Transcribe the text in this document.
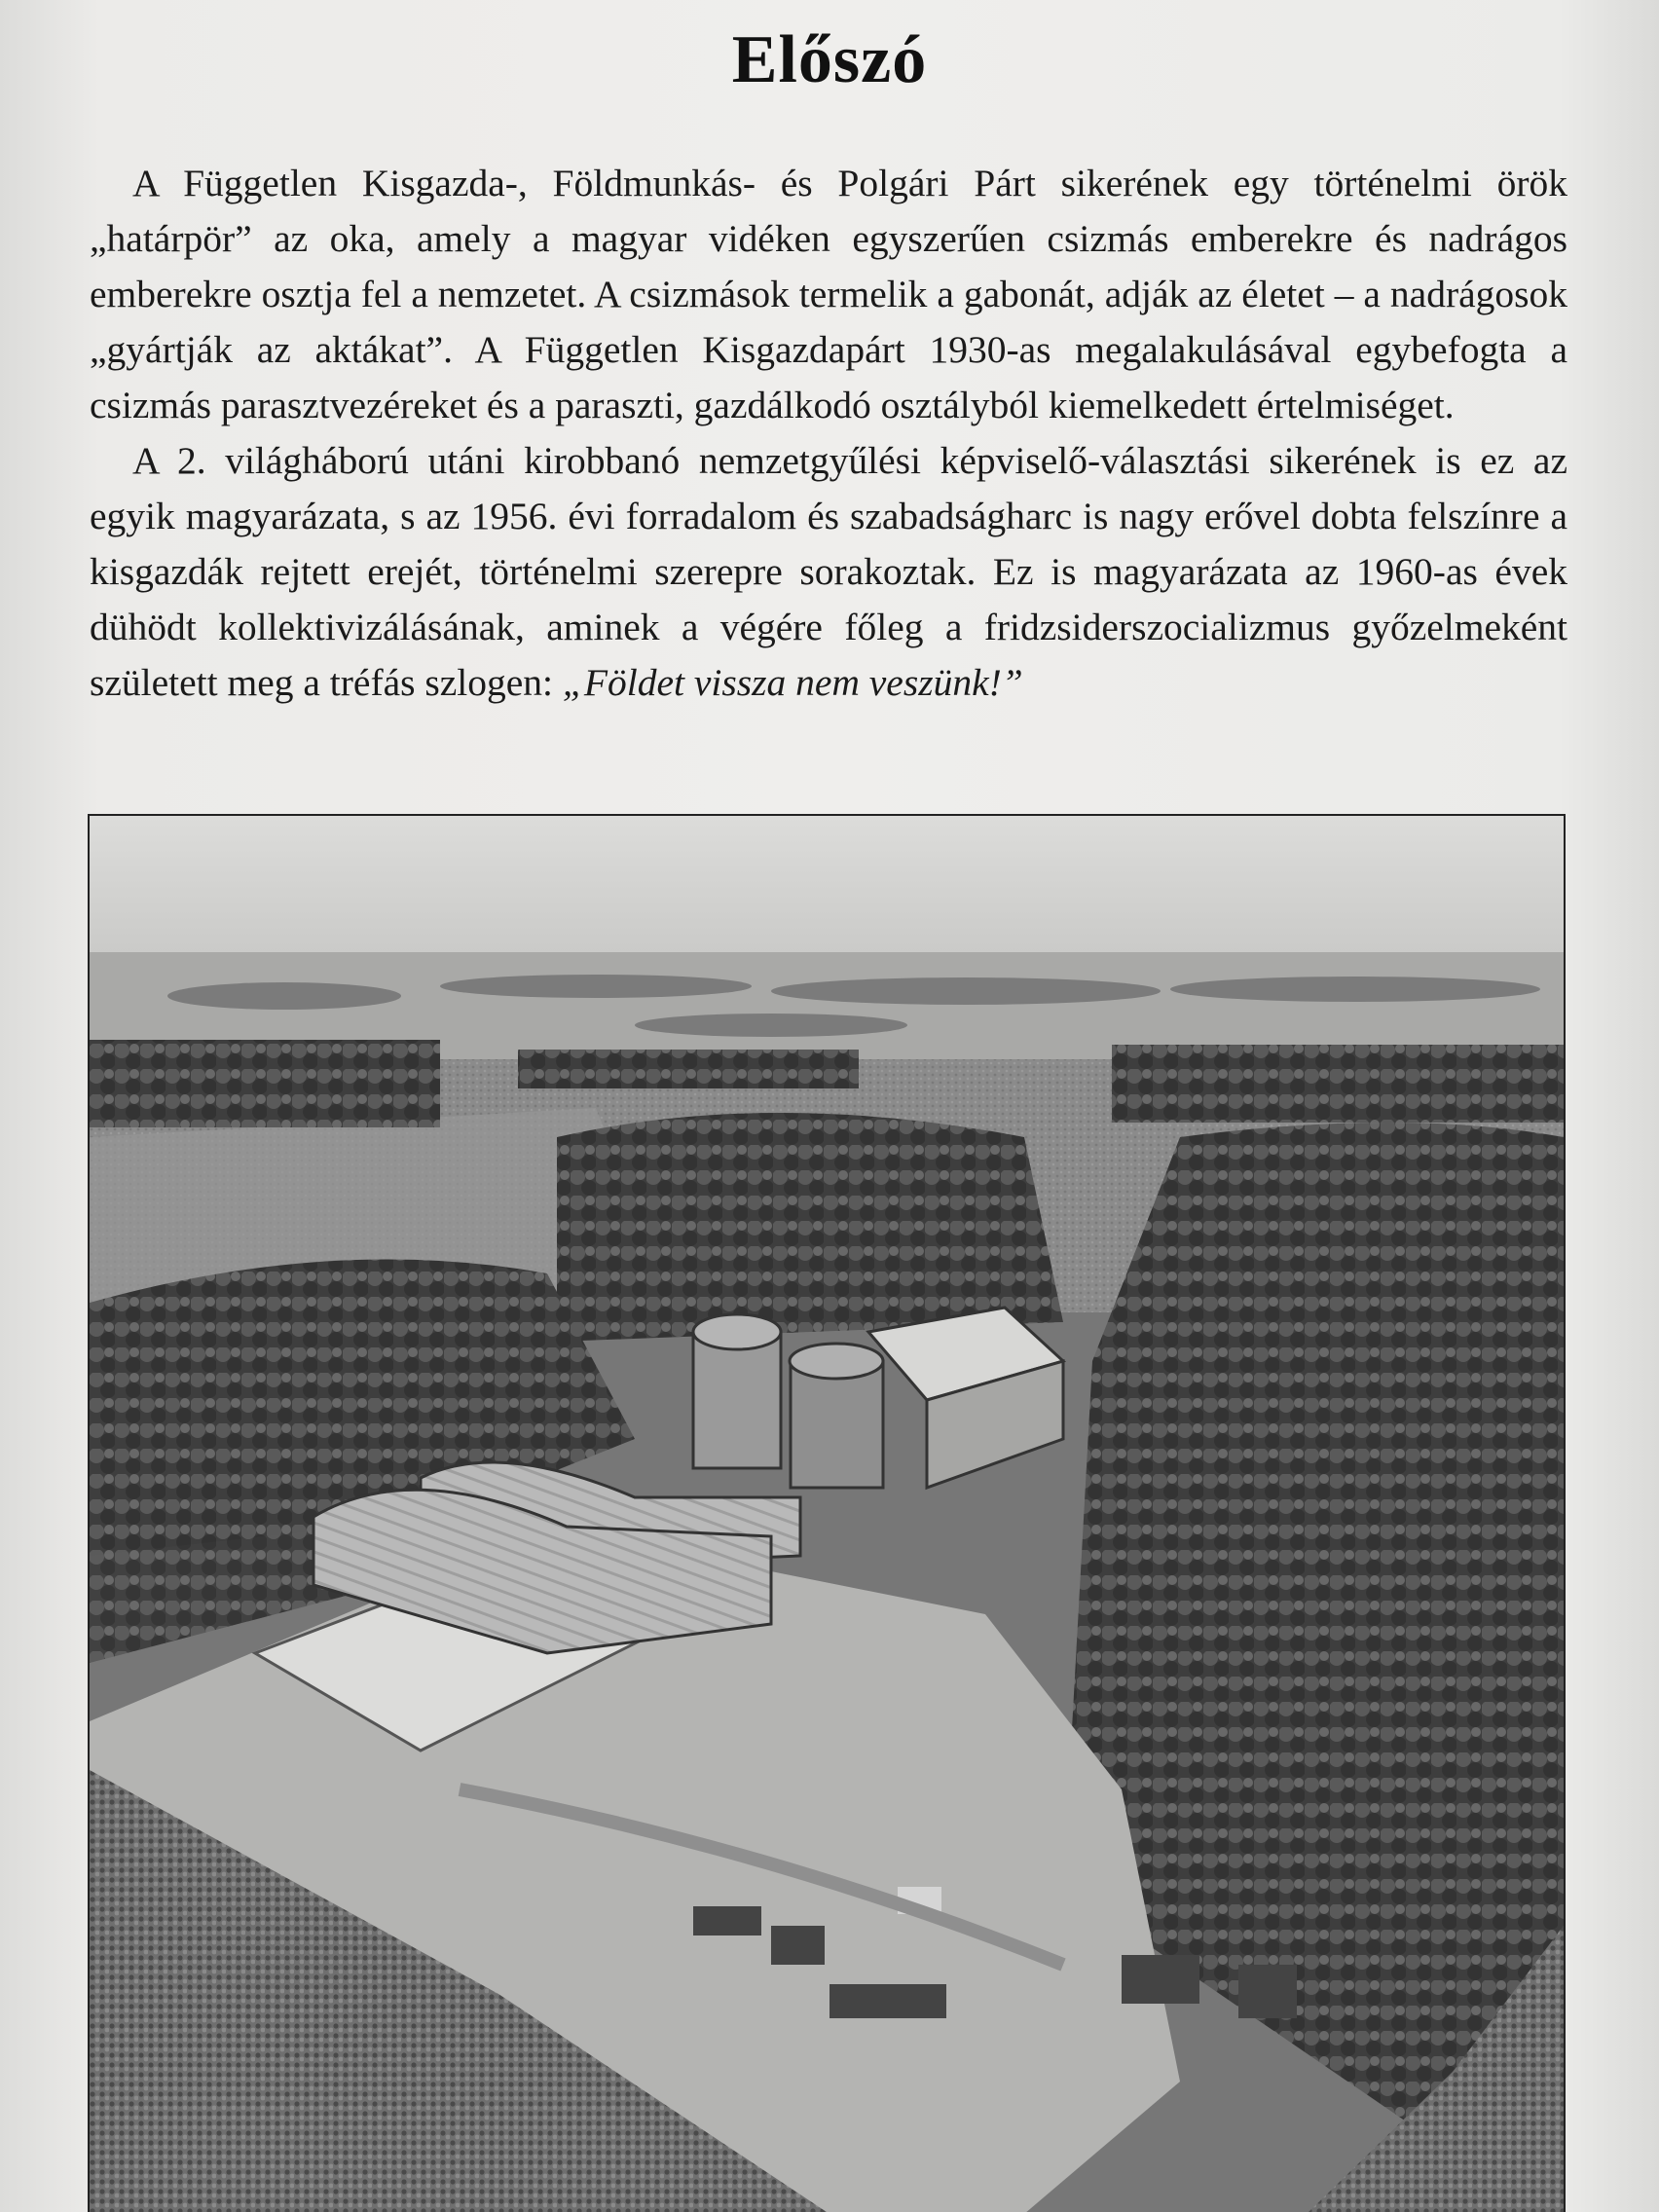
Előszó

A Független Kisgazda-, Földmunkás- és Polgári Párt sikerének egy történelmi örök „határpör” az oka, amely a magyar vidéken egyszerűen csizmás emberekre és nadrágos emberekre osztja fel a nemzetet. A csizmások termelik a gabonát, adják az életet – a nadrágosok „gyártják az aktákat”. A Független Kisgazdapárt 1930-as megalakulásával egybefogta a csizmás parasztvezéreket és a paraszti, gazdálkodó osztályból kiemelkedett értelmiséget.

A 2. világháború utáni kirobbanó nemzetgyűlési képviselő-választási sikerének is ez az egyik magyarázata, s az 1956. évi forradalom és szabadságharc is nagy erővel dobta felszínre a kisgazdák rejtett erejét, történelmi szerepre sorakoztak. Ez is magyarázata az 1960-as évek dühödt kollektivizálásának, aminek a végére főleg a fridzsiderszocializmus győzelmeként született meg a tréfás szlogen: „Földet vissza nem veszünk!”
